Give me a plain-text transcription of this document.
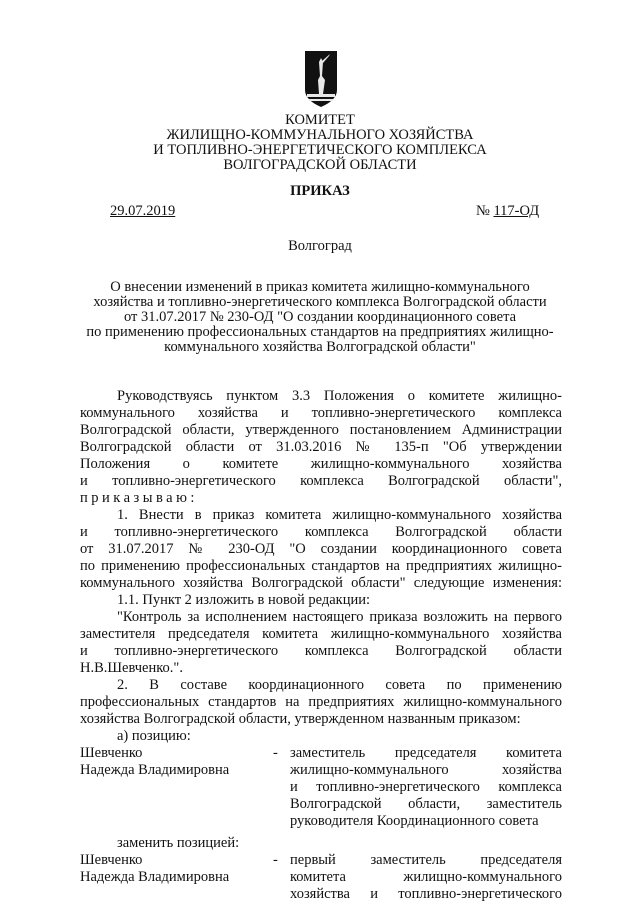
КОМИТЕТ
ЖИЛИЩНО-КОММУНАЛЬНОГО ХОЗЯЙСТВА
И ТОПЛИВНО-ЭНЕРГЕТИЧЕСКОГО КОМПЛЕКСА
ВОЛГОГРАДСКОЙ ОБЛАСТИ
ПРИКАЗ
29.07.2019	№ 117-ОД
Волгоград
О внесении изменений в приказ комитета жилищно-коммунального
хозяйства и топливно-энергетического комплекса Волгоградской области
от 31.07.2017 № 230-ОД "О создании координационного совета
по применению профессиональных стандартов на предприятиях жилищно-
коммунального хозяйства Волгоградской области"
Руководствуясь пунктом 3.3 Положения о комитете жилищно-
коммунального хозяйства и топливно-энергетического комплекса
Волгоградской области, утвержденного постановлением Администрации
Волгоградской области от 31.03.2016 № 135-п "Об утверждении
Положения о комитете жилищно-коммунального хозяйства
и топливно-энергетического комплекса Волгоградской области",
приказываю:
1. Внести в приказ комитета жилищно-коммунального хозяйства
и топливно-энергетического комплекса Волгоградской области
от 31.07.2017 № 230-ОД "О создании координационного совета
по применению профессиональных стандартов на предприятиях жилищно-
коммунального хозяйства Волгоградской области" следующие изменения:
1.1. Пункт 2 изложить в новой редакции:
"Контроль за исполнением настоящего приказа возложить на первого
заместителя председателя комитета жилищно-коммунального хозяйства
и топливно-энергетического комплекса Волгоградской области
Н.В.Шевченко.".
2. В составе координационного совета по применению
профессиональных стандартов на предприятиях жилищно-коммунального
хозяйства Волгоградской области, утвержденном названным приказом:
а) позицию:
Шевченко
Надежда Владимировна
- заместитель председателя комитета
жилищно-коммунального хозяйства
и топливно-энергетического комплекса
Волгоградской области, заместитель
руководителя Координационного совета
заменить позицией:
Шевченко
Надежда Владимировна
- первый заместитель председателя
комитета жилищно-коммунального
хозяйства и топливно-энергетического
